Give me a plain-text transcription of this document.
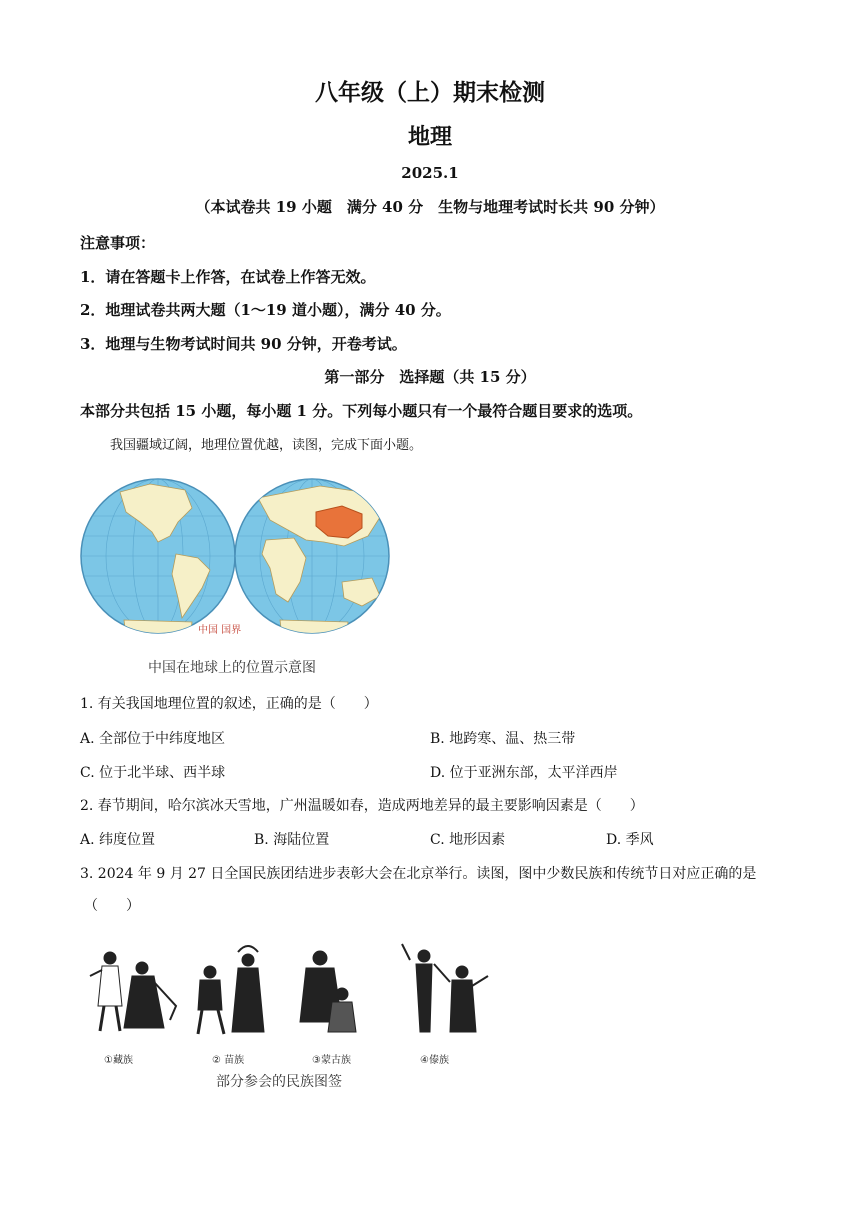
八年级（上）期末检测
地理
2025.1
（本试卷共 19 小题　满分 40 分　生物与地理考试时长共 90 分钟）
注意事项：
1．请在答题卡上作答，在试卷上作答无效。
2．地理试卷共两大题（1～19 道小题），满分 40 分。
3．地理与生物考试时间共 90 分钟，开卷考试。
第一部分　选择题（共 15 分）
本部分共包括 15 小题，每小题 1 分。下列每小题只有一个最符合题目要求的选项。
我国疆域辽阔，地理位置优越，读图，完成下面小题。
中国 国界
中国在地球上的位置示意图
1. 有关我国地理位置的叙述，正确的是（　　）
A. 全部位于中纬度地区	B. 地跨寒、温、热三带
C. 位于北半球、西半球	D. 位于亚洲东部，太平洋西岸
2. 春节期间，哈尔滨冰天雪地，广州温暖如春，造成两地差异的最主要影响因素是（　　）
A. 纬度位置	B. 海陆位置	C. 地形因素	D. 季风
3. 2024 年 9 月 27 日全国民族团结进步表彰大会在北京举行。读图，图中少数民族和传统节日对应正确的是
（　　）
①藏族	② 苗族	③蒙古族	④傣族
部分参会的民族图签
